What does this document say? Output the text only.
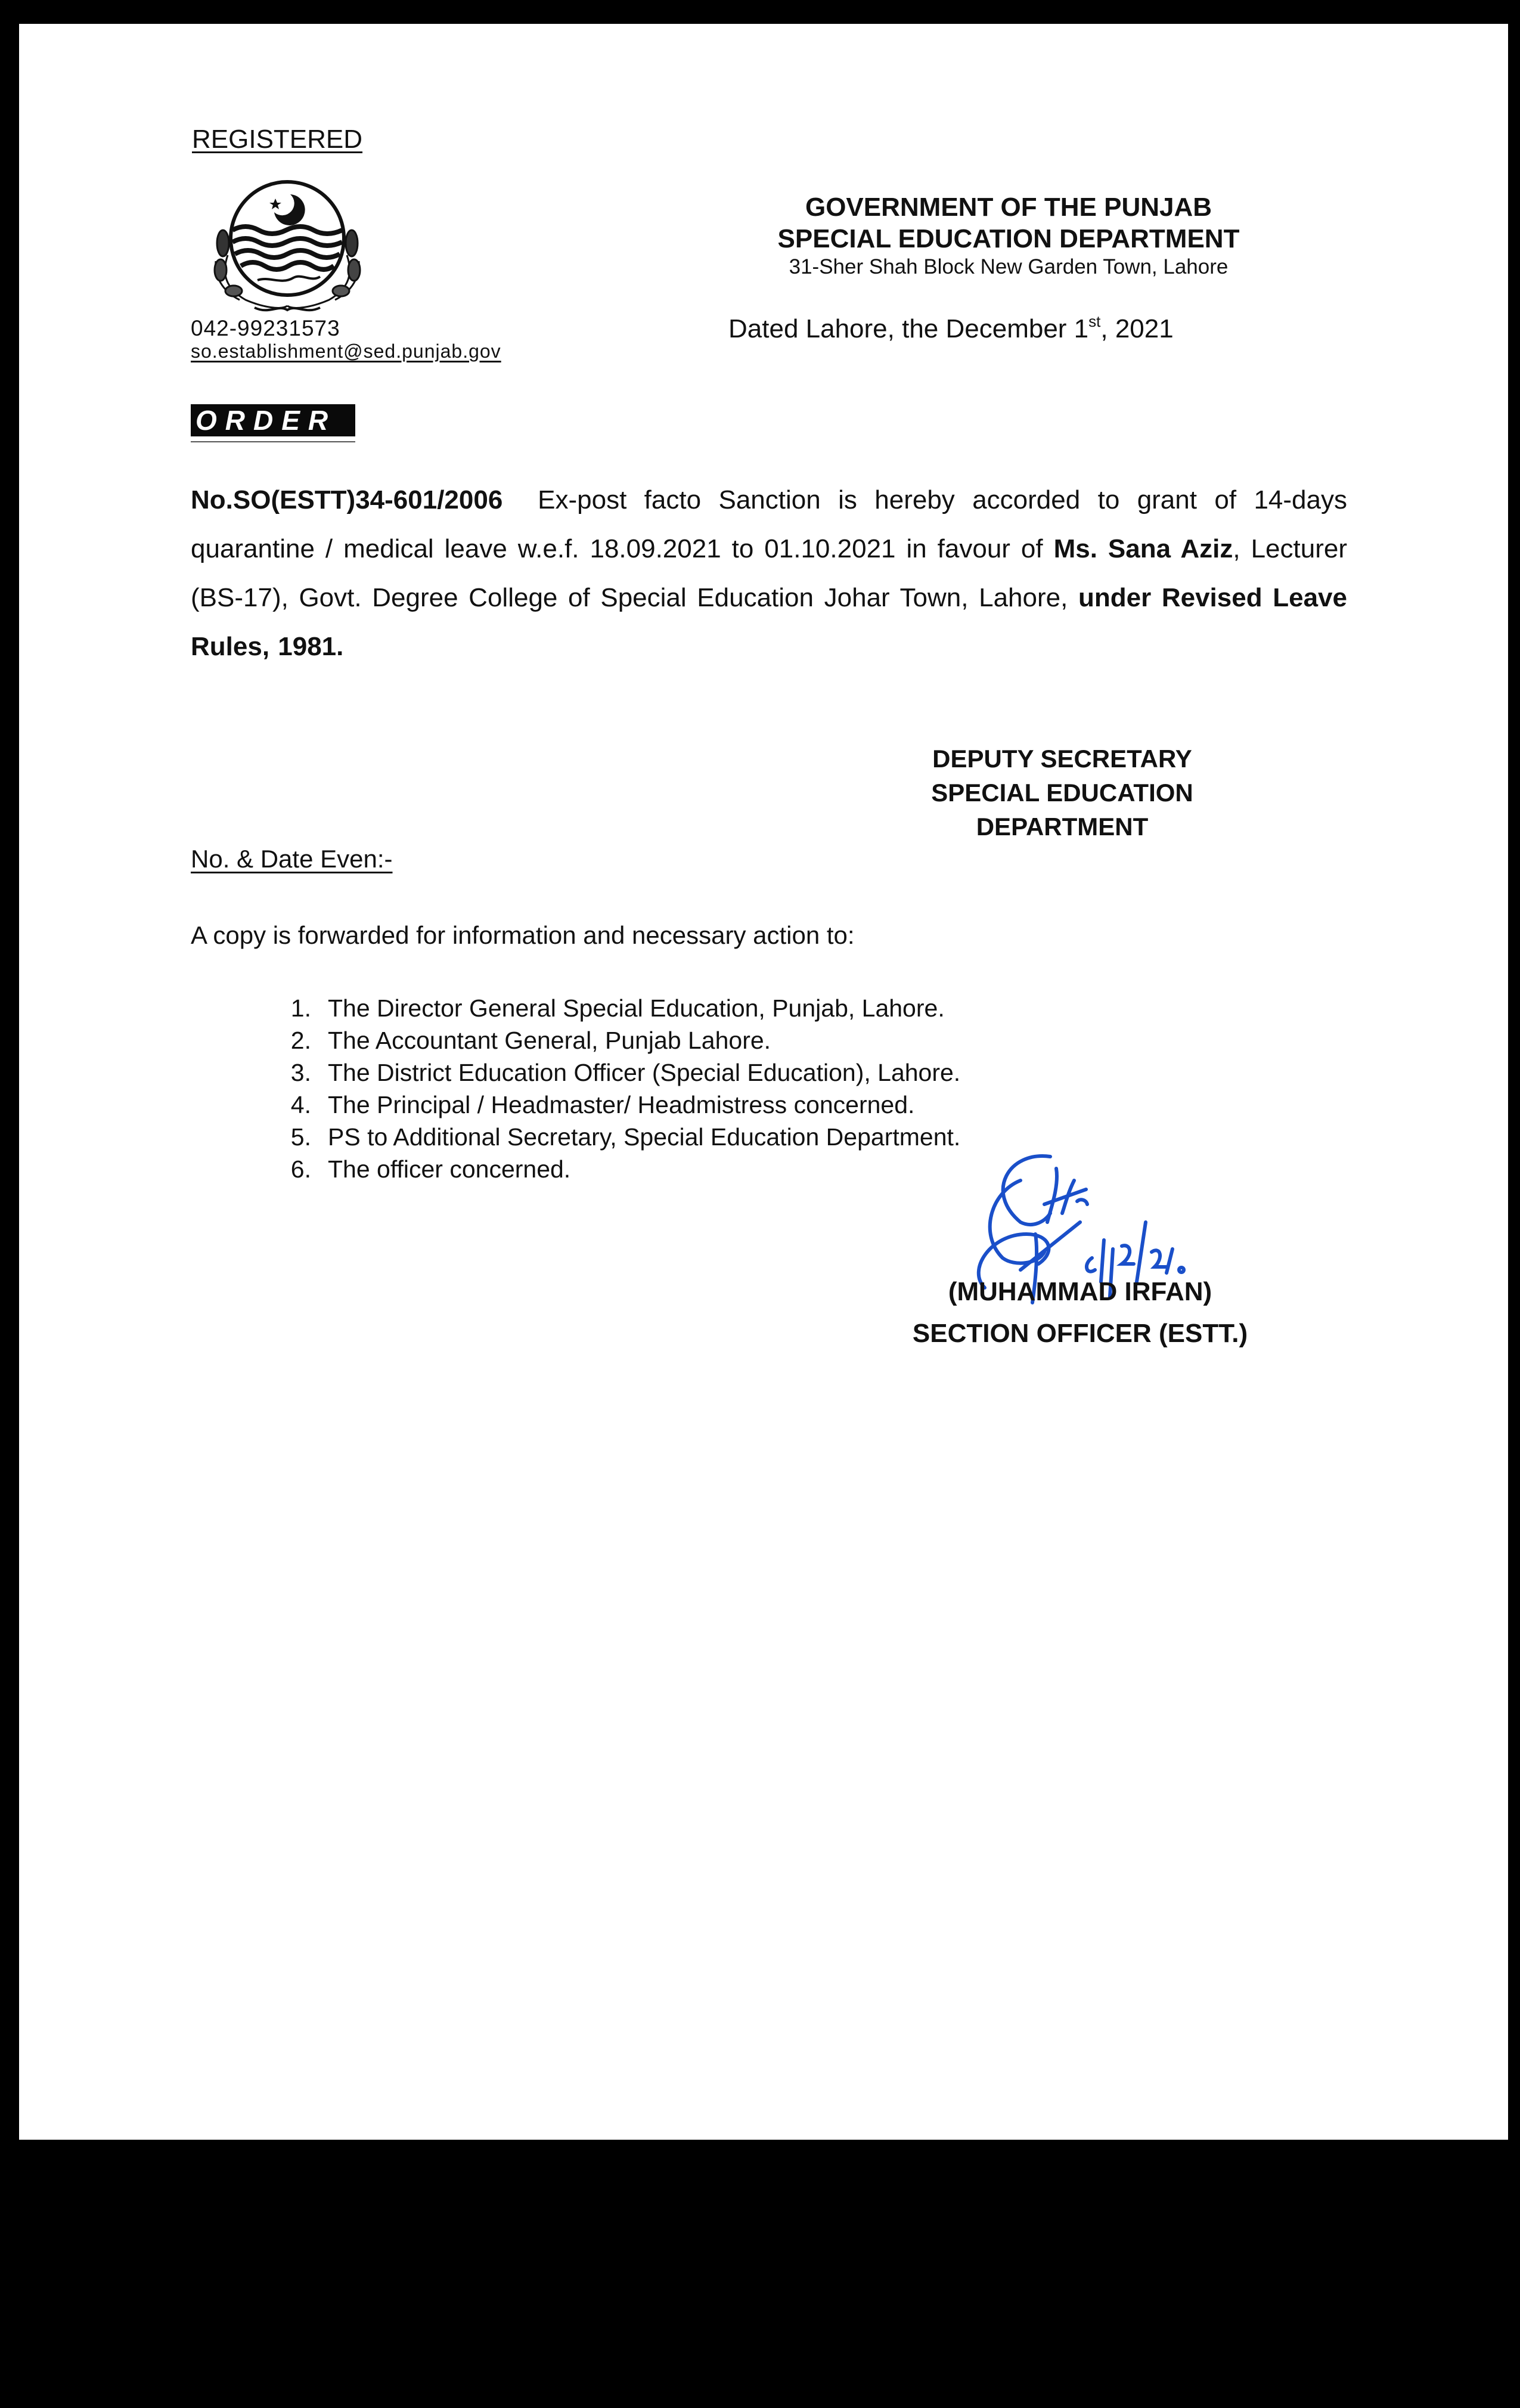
REGISTERED
042-99231573
so.establishment@sed.punjab.gov
GOVERNMENT OF THE PUNJAB
SPECIAL EDUCATION DEPARTMENT
31-Sher Shah Block New Garden Town, Lahore
Dated Lahore, the December 1st, 2021
ORDER
No.SO(ESTT)34-601/2006 Ex-post facto Sanction is hereby accorded to grant of 14-days quarantine / medical leave w.e.f. 18.09.2021 to 01.10.2021 in favour of Ms. Sana Aziz, Lecturer (BS-17), Govt. Degree College of Special Education Johar Town, Lahore, under Revised Leave Rules, 1981.
DEPUTY SECRETARY
SPECIAL EDUCATION
DEPARTMENT
No. & Date Even:-
A copy is forwarded for information and necessary action to:
1. The Director General Special Education, Punjab, Lahore.
2. The Accountant General, Punjab Lahore.
3. The District Education Officer (Special Education), Lahore.
4. The Principal / Headmaster/ Headmistress concerned.
5. PS to Additional Secretary, Special Education Department.
6. The officer concerned.
(MUHAMMAD IRFAN)
SECTION OFFICER (ESTT.)
